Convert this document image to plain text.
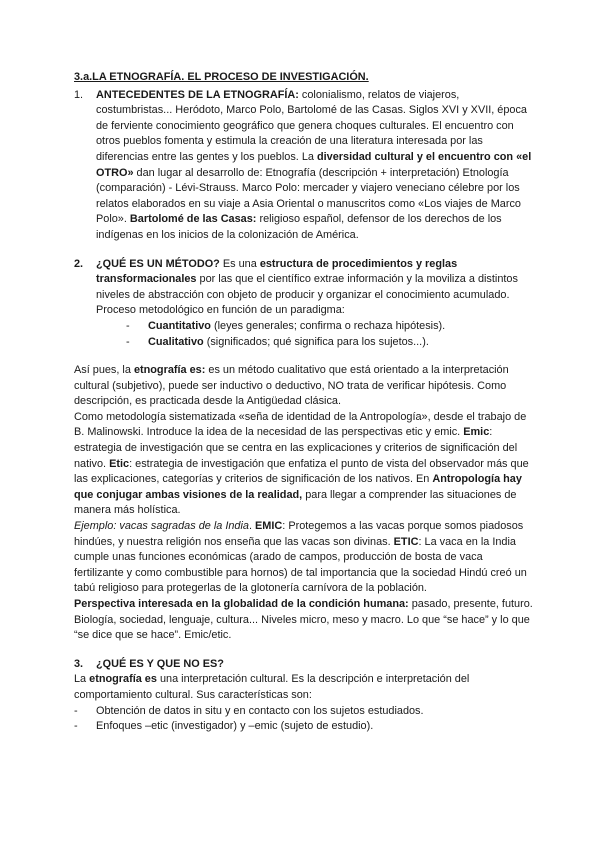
3.a.LA ETNOGRAFÍA. EL PROCESO DE INVESTIGACIÓN.

1. ANTECEDENTES DE LA ETNOGRAFÍA: colonialismo, relatos de viajeros, costumbristas... Heródoto, Marco Polo, Bartolomé de las Casas. Siglos XVI y XVII, época de ferviente conocimiento geográfico que genera choques culturales. El encuentro con otros pueblos fomenta y estimula la creación de una literatura interesada por las diferencias entre las gentes y los pueblos. La diversidad cultural y el encuentro con «el OTRO» dan lugar al desarrollo de: Etnografía (descripción + interpretación) Etnología (comparación) - Lévi-Strauss. Marco Polo: mercader y viajero veneciano célebre por los relatos elaborados en su viaje a Asia Oriental o manuscritos como «Los viajes de Marco Polo». Bartolomé de las Casas: religioso español, defensor de los derechos de los indígenas en los inicios de la colonización de América.

2. ¿QUÉ ES UN MÉTODO? Es una estructura de procedimientos y reglas transformacionales por las que el científico extrae información y la moviliza a distintos niveles de abstracción con objeto de producir y organizar el conocimiento acumulado. Proceso metodológico en función de un paradigma:

- Cuantitativo (leyes generales; confirma o rechaza hipótesis).
- Cualitativo (significados; qué significa para los sujetos...).

Así pues, la etnografía es: es un método cualitativo que está orientado a la interpretación cultural (subjetivo), puede ser inductivo o deductivo, NO trata de verificar hipótesis. Como descripción, es practicada desde la Antigüedad clásica.

Como metodología sistematizada «seña de identidad de la Antropología», desde el trabajo de B. Malinowski. Introduce la idea de la necesidad de las perspectivas etic y emic. Emic: estrategia de investigación que se centra en las explicaciones y criterios de significación del nativo. Etic: estrategia de investigación que enfatiza el punto de vista del observador más que las explicaciones, categorías y criterios de significación de los nativos. En Antropología hay que conjugar ambas visiones de la realidad, para llegar a comprender las situaciones de manera más holística.

Ejemplo: vacas sagradas de la India. EMIC: Protegemos a las vacas porque somos piadosos hindúes, y nuestra religión nos enseña que las vacas son divinas. ETIC: La vaca en la India cumple unas funciones económicas (arado de campos, producción de bosta de vaca fertilizante y como combustible para hornos) de tal importancia que la sociedad Hindú creó un tabú religioso para protegerlas de la glotonería carnívora de la población.

Perspectiva interesada en la globalidad de la condición humana: pasado, presente, futuro. Biología, sociedad, lenguaje, cultura... Niveles micro, meso y macro. Lo que “se hace” y lo que “se dice que se hace”. Emic/etic.

3. ¿QUÉ ES Y QUE NO ES?

La etnografía es una interpretación cultural. Es la descripción e interpretación del comportamiento cultural. Sus características son:

- Obtención de datos in situ y en contacto con los sujetos estudiados.
- Enfoques –etic (investigador) y –emic (sujeto de estudio).
